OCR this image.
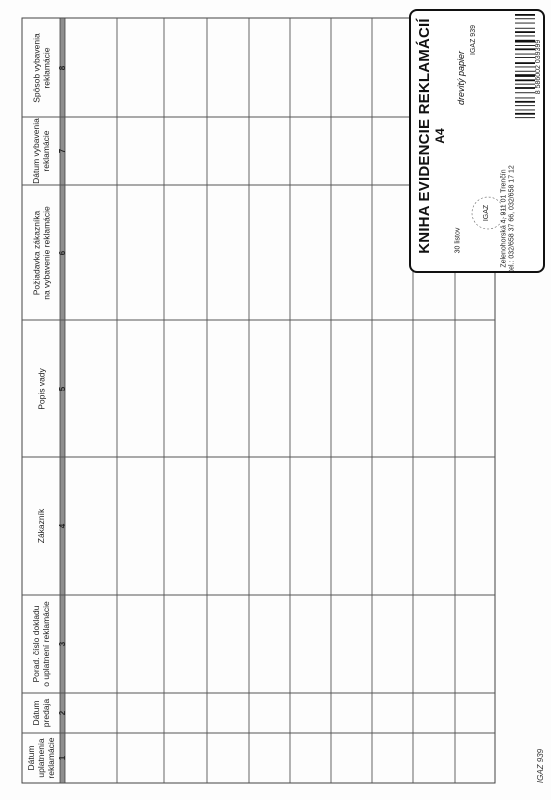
Dátum uplatnenia reklamácie 1
Dátum predaja 2
Porad. číslo dokladu o uplatnení reklamácie 3
Zákazník 4
Popis vady 5
Požiadavka zákazníka na vybavenie reklamácie 6
Dátum vybavenia reklamácie 7
Spôsob vybavenia reklamácie 8	8 586002 039399
drevitý papier
IGAZ 939
KNIHA EVIDENCIE REKLAMÁCIÍ A4
30 listov	Zelenohorská 4, 911 01 Trenčín tel.: 032/658 37 66, 032/658 17 12
IGAZ
IGAZ 939
